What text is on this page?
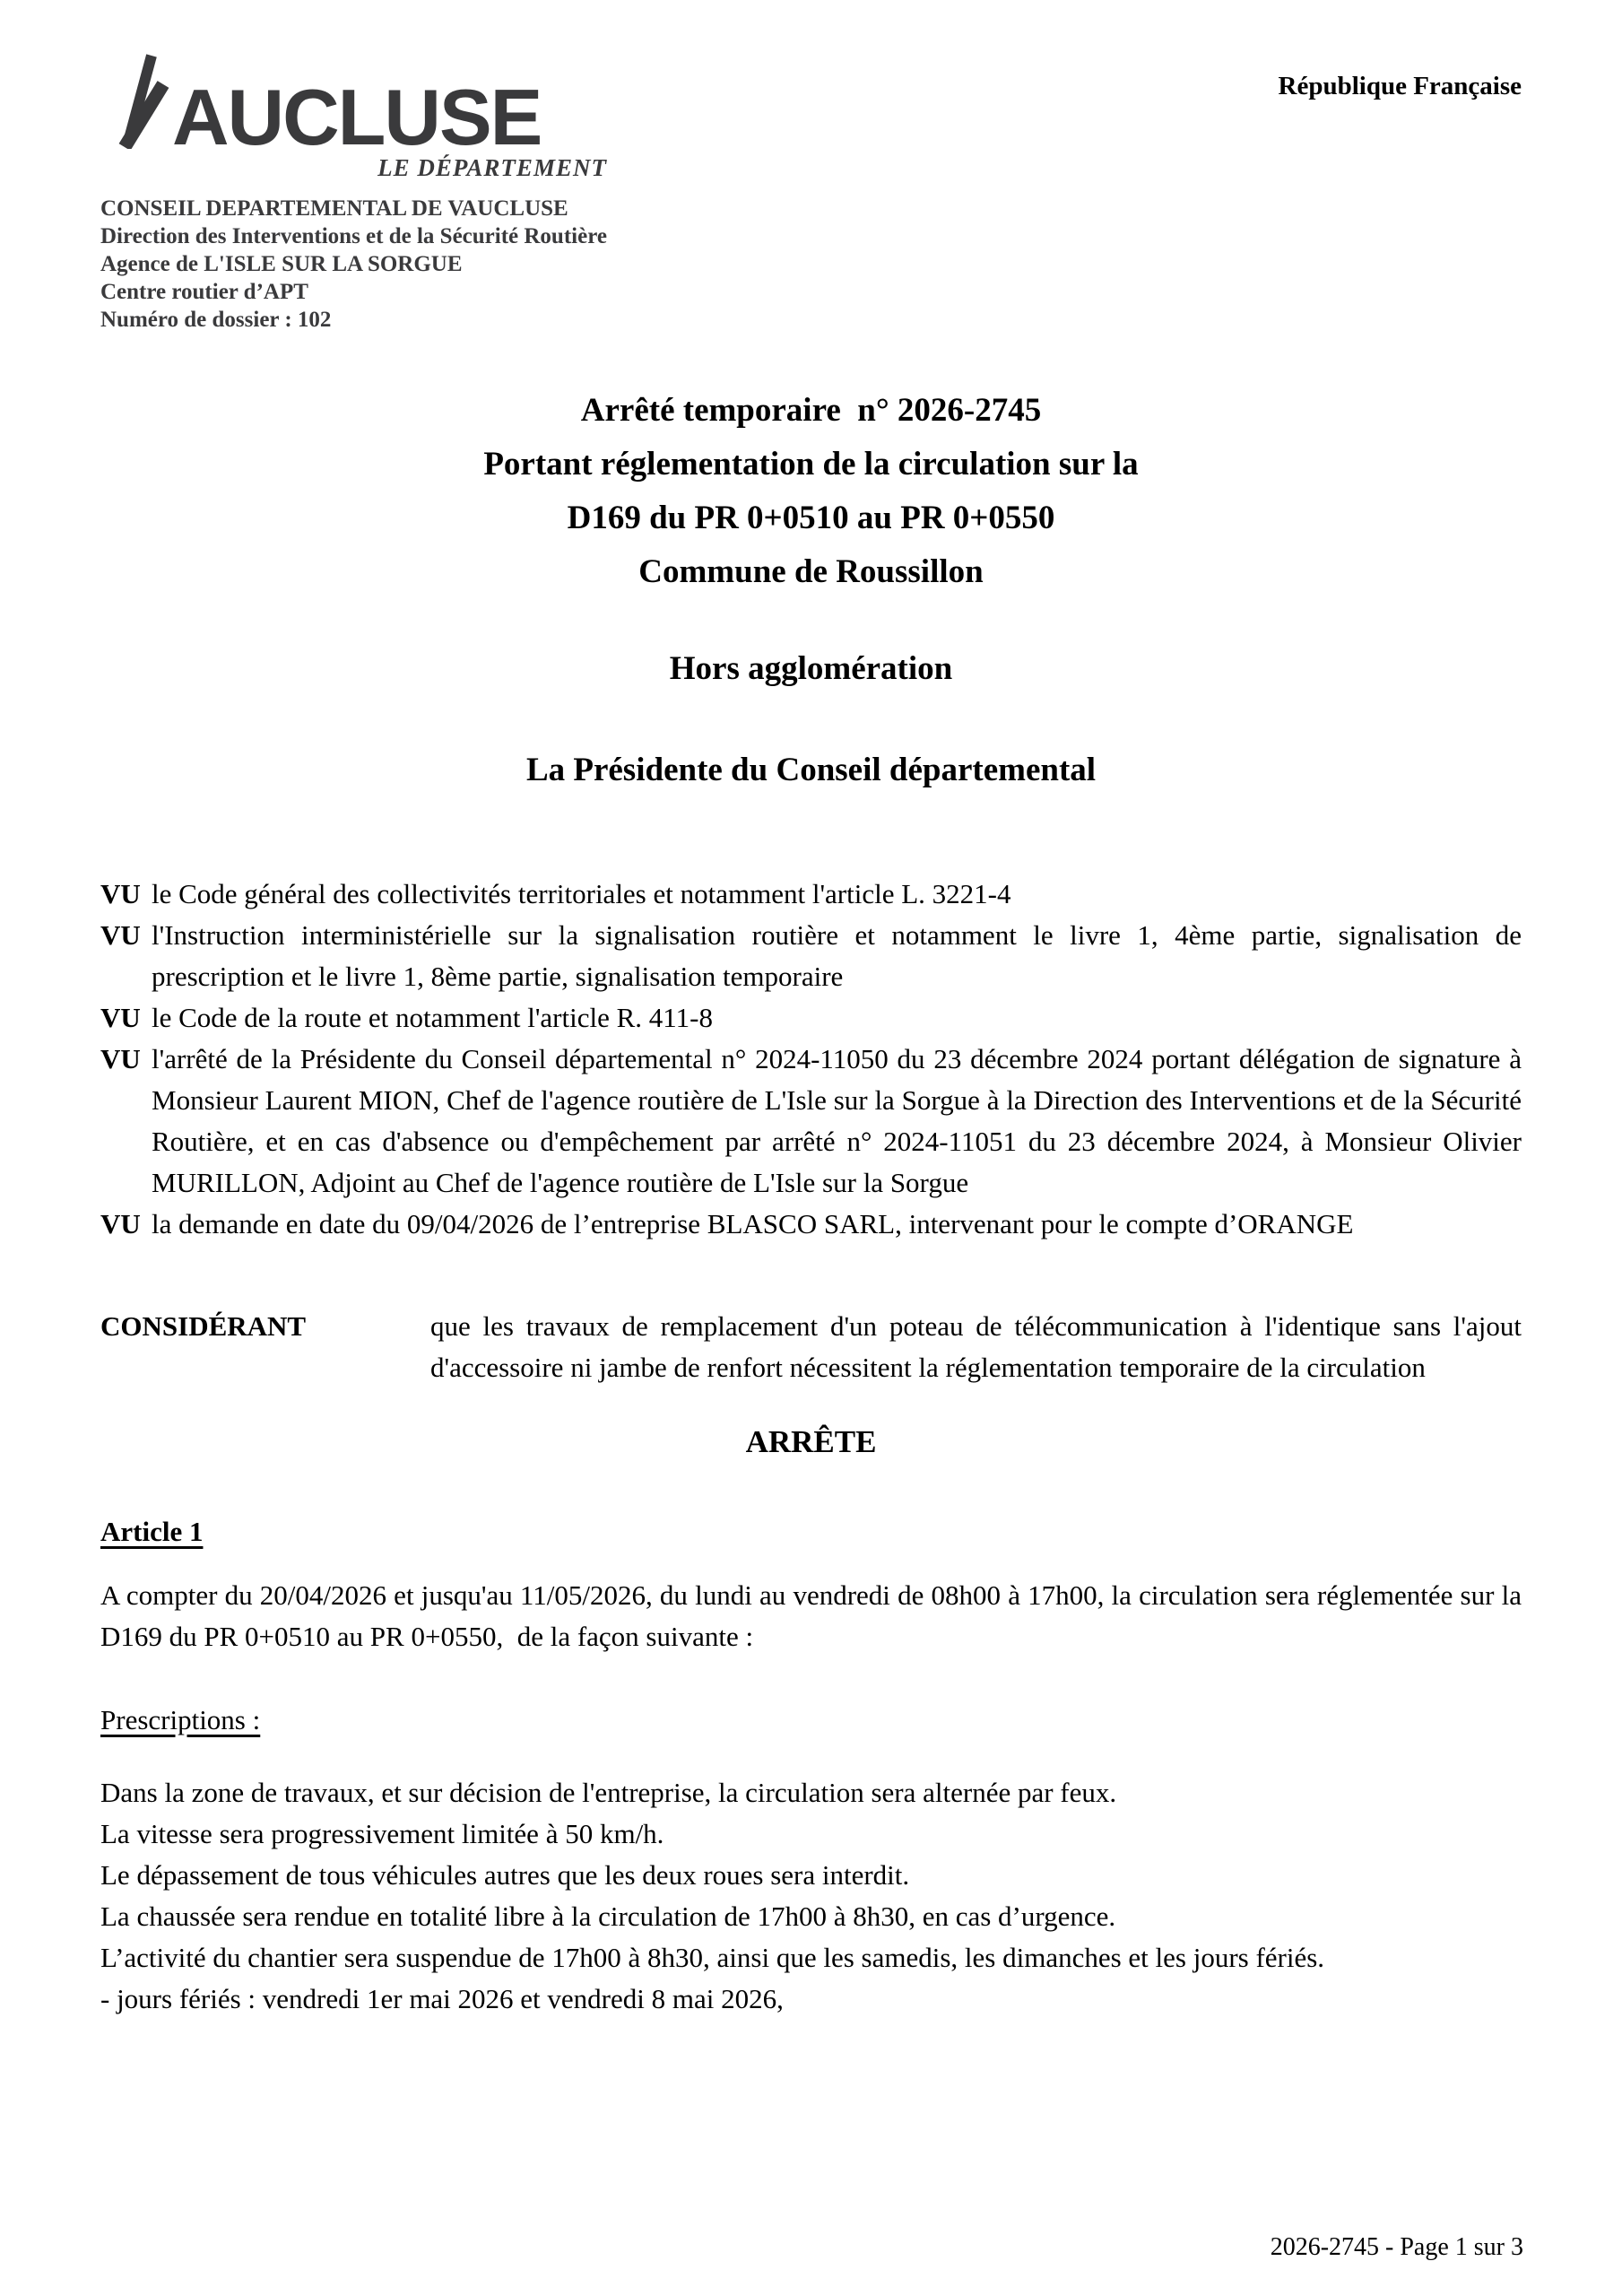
AUCLUSE
LE DÉPARTEMENT
CONSEIL DEPARTEMENTAL DE VAUCLUSE
Direction des Interventions et de la Sécurité Routière
Agence de L'ISLE SUR LA SORGUE
Centre routier d’APT
Numéro de dossier : 102
République Française
Arrêté temporaire  n° 2026-2745
Portant réglementation de la circulation sur la
D169 du PR 0+0510 au PR 0+0550
Commune de Roussillon
Hors agglomération
La Présidente du Conseil départemental
VU le Code général des collectivités territoriales et notamment l'article L. 3221-4
VU l'Instruction interministérielle sur la signalisation routière et notamment le livre 1, 4ème partie, signalisation de prescription et le livre 1, 8ème partie, signalisation temporaire
VU le Code de la route et notamment l'article R. 411-8
VU l'arrêté de la Présidente du Conseil départemental n° 2024-11050 du 23 décembre 2024 portant délégation de signature à Monsieur Laurent MION, Chef de l'agence routière de L'Isle sur la Sorgue à la Direction des Interventions et de la Sécurité Routière, et en cas d'absence ou d'empêchement par arrêté n° 2024-11051 du 23 décembre 2024, à Monsieur Olivier MURILLON, Adjoint au Chef de l'agence routière de L'Isle sur la Sorgue
VU la demande en date du 09/04/2026 de l’entreprise BLASCO SARL, intervenant pour le compte d’ORANGE
CONSIDÉRANT	que les travaux de remplacement d'un poteau de télécommunication à l'identique sans l'ajout d'accessoire ni jambe de renfort nécessitent la réglementation temporaire de la circulation
ARRÊTE
Article 1
A compter du 20/04/2026 et jusqu'au 11/05/2026, du lundi au vendredi de 08h00 à 17h00, la circulation sera réglementée sur la D169 du PR 0+0510 au PR 0+0550,  de la façon suivante :
Prescriptions :
Dans la zone de travaux, et sur décision de l'entreprise, la circulation sera alternée par feux.
La vitesse sera progressivement limitée à 50 km/h.
Le dépassement de tous véhicules autres que les deux roues sera interdit.
La chaussée sera rendue en totalité libre à la circulation de 17h00 à 8h30, en cas d’urgence.
L’activité du chantier sera suspendue de 17h00 à 8h30, ainsi que les samedis, les dimanches et les jours fériés.
- jours fériés : vendredi 1er mai 2026 et vendredi 8 mai 2026,
2026-2745 - Page 1 sur 3
